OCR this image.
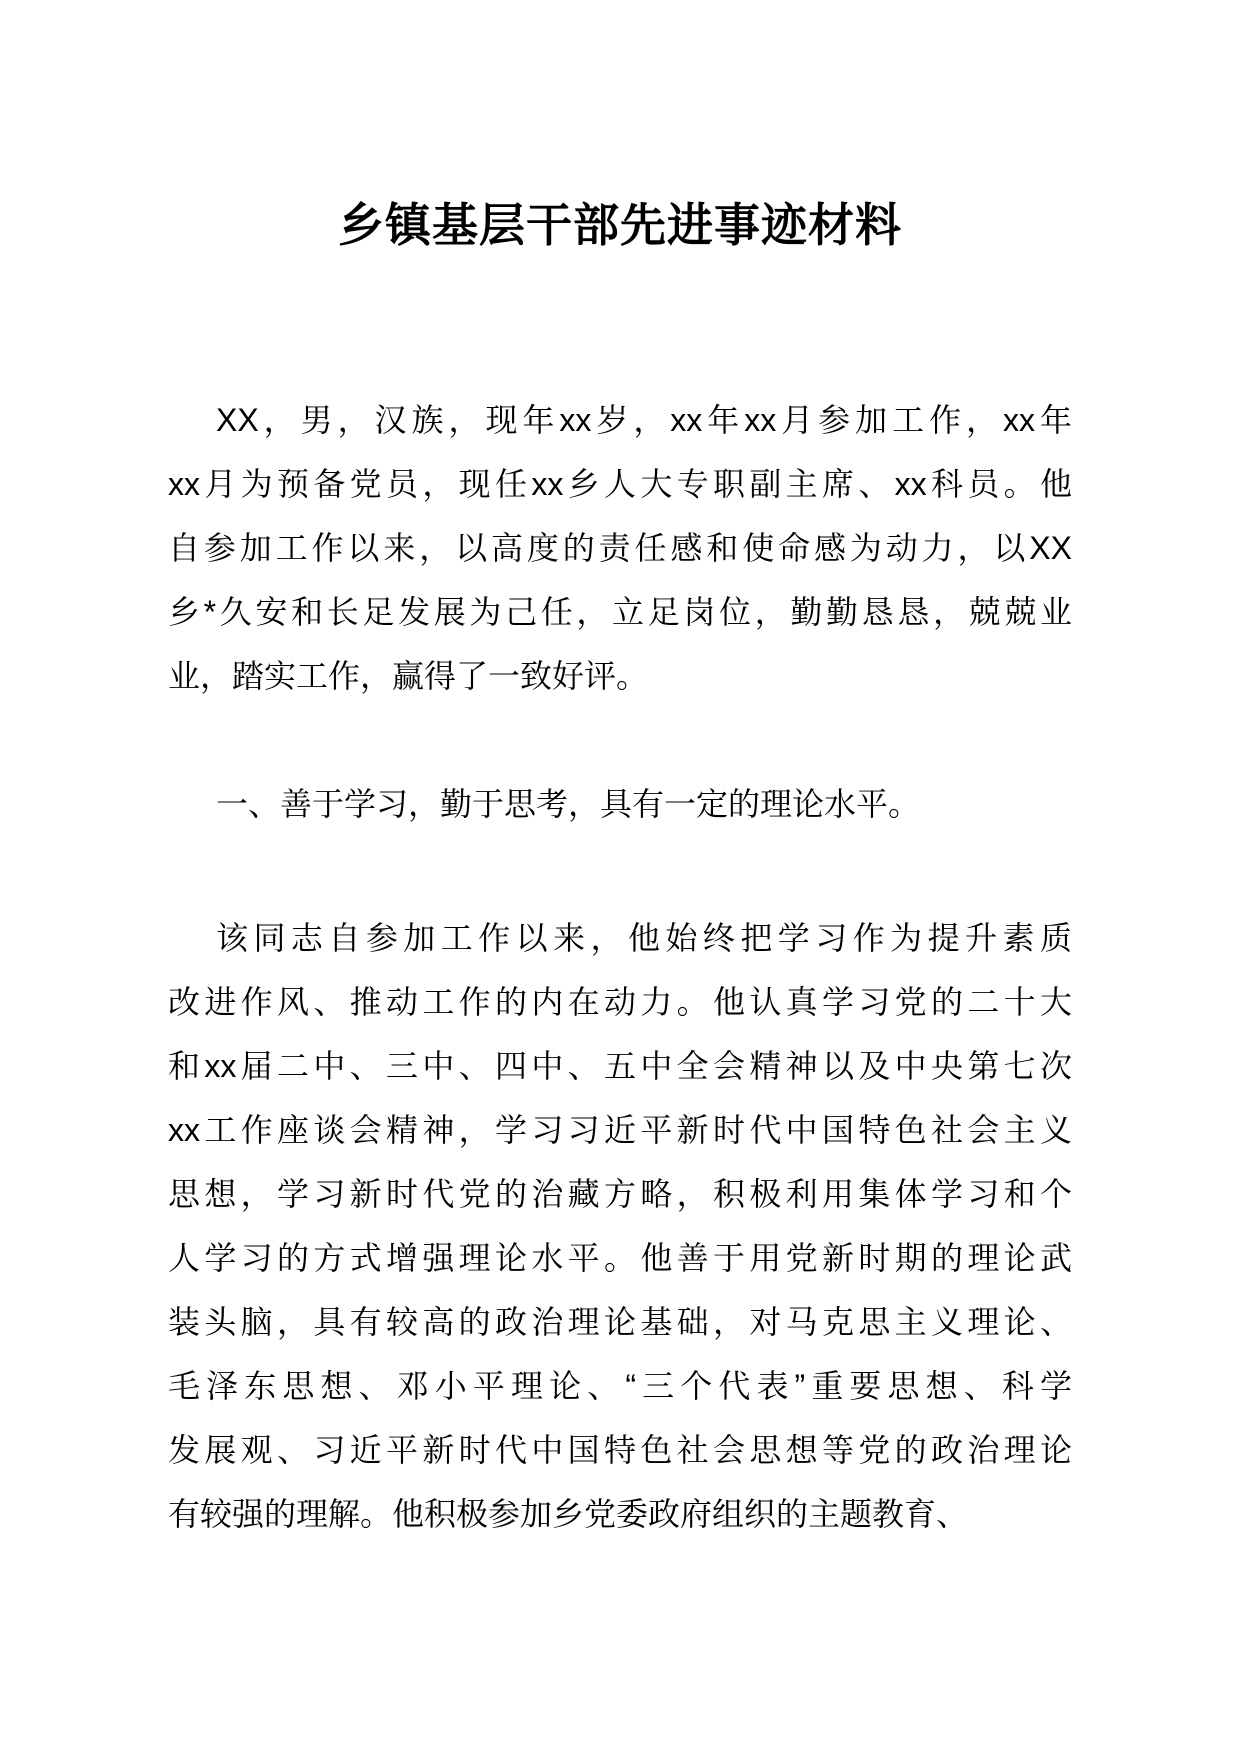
乡镇基层干部先进事迹材料
XX，男，汉族，现年xx岁，xx年xx月参加工作，xx年
xx月为预备党员，现任xx乡人大专职副主席、xx科员。他
自参加工作以来，以高度的责任感和使命感为动力，以XX
乡*久安和长足发展为己任，立足岗位，勤勤恳恳，兢兢业
业，踏实工作，赢得了一致好评。
一、善于学习，勤于思考，具有一定的理论水平。
该同志自参加工作以来，他始终把学习作为提升素质
改进作风、推动工作的内在动力。他认真学习党的二十大
和xx届二中、三中、四中、五中全会精神以及中央第七次
xx工作座谈会精神，学习习近平新时代中国特色社会主义
思想，学习新时代党的治藏方略，积极利用集体学习和个
人学习的方式增强理论水平。他善于用党新时期的理论武
装头脑，具有较高的政治理论基础，对马克思主义理论、
毛泽东思想、邓小平理论、“三个代表”重要思想、科学
发展观、习近平新时代中国特色社会思想等党的政治理论
有较强的理解。他积极参加乡党委政府组织的主题教育、
